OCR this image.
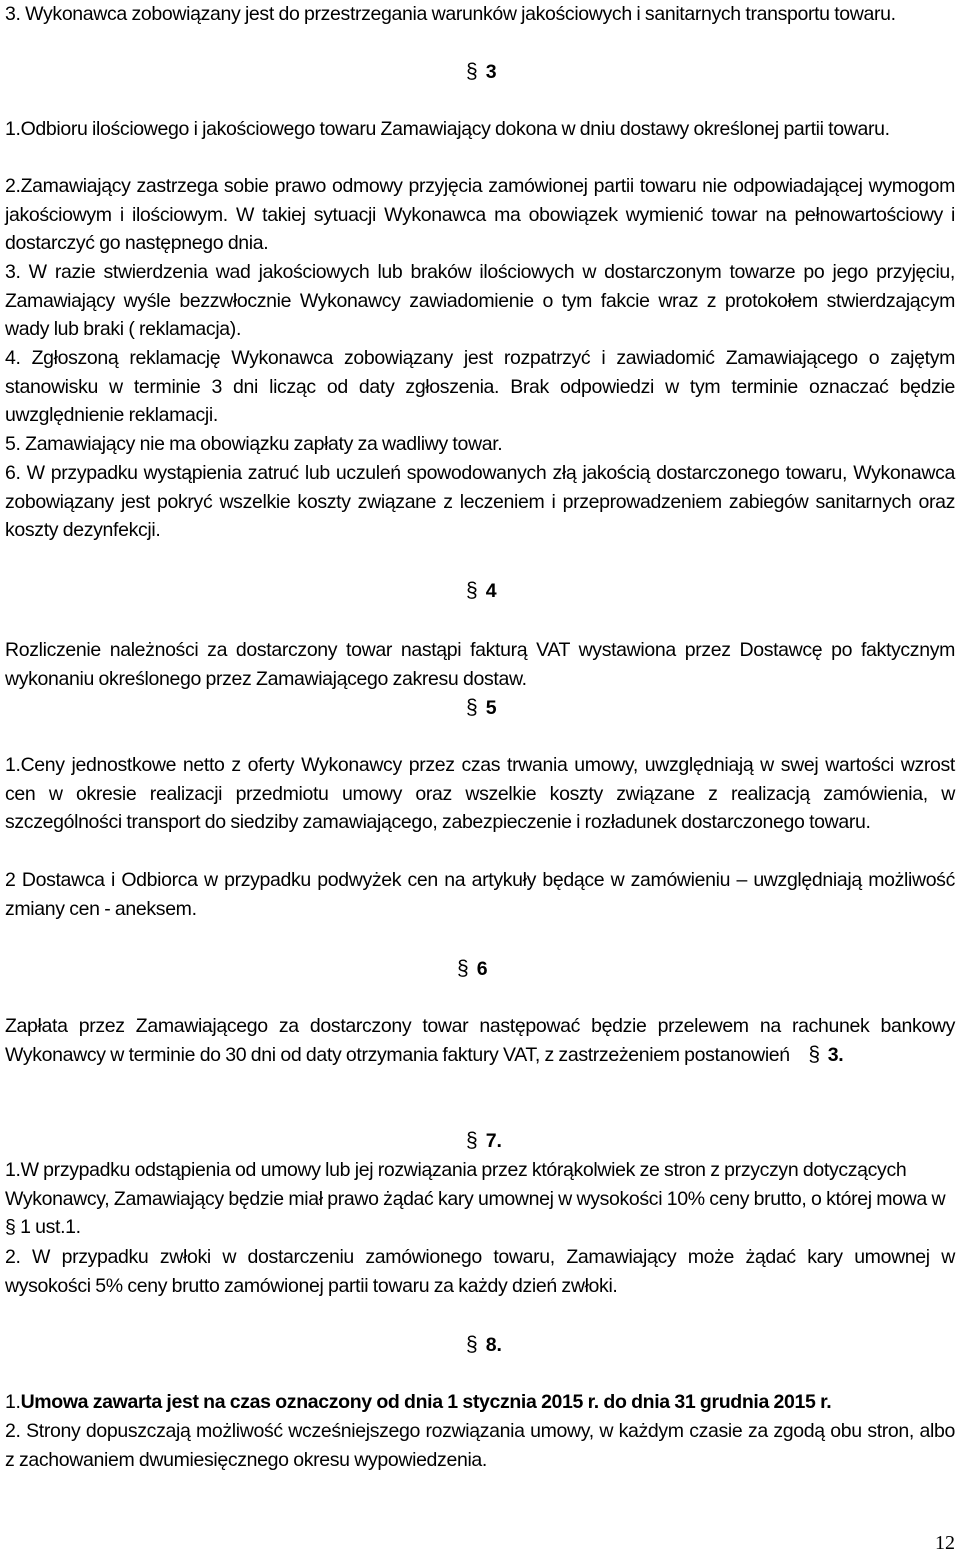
3. Wykonawca zobowiązany jest do przestrzegania warunków jakościowych i sanitarnych transportu towaru.

§ 3

1.Odbioru ilościowego i jakościowego towaru Zamawiający dokona w dniu dostawy określonej partii towaru.

2.Zamawiający zastrzega sobie prawo odmowy przyjęcia zamówionej partii towaru nie odpowiadającej wymogom jakościowym i ilościowym. W takiej sytuacji Wykonawca ma obowiązek wymienić towar na pełnowartościowy i dostarczyć go następnego dnia.

3. W razie stwierdzenia wad jakościowych lub braków ilościowych w dostarczonym towarze po jego przyjęciu, Zamawiający wyśle bezzwłocznie Wykonawcy zawiadomienie o tym fakcie wraz z protokołem stwierdzającym wady lub braki ( reklamacja).

4. Zgłoszoną reklamację Wykonawca zobowiązany jest rozpatrzyć i zawiadomić Zamawiającego o zajętym stanowisku w terminie 3 dni licząc od daty zgłoszenia. Brak odpowiedzi w tym terminie oznaczać będzie uwzględnienie reklamacji.

5. Zamawiający nie ma obowiązku zapłaty za wadliwy towar.

6. W przypadku wystąpienia zatruć lub uczuleń spowodowanych złą jakością dostarczonego towaru, Wykonawca zobowiązany jest pokryć wszelkie koszty związane z leczeniem i przeprowadzeniem zabiegów sanitarnych oraz koszty dezynfekcji.

§ 4

Rozliczenie należności za dostarczony towar nastąpi fakturą VAT wystawiona przez Dostawcę po faktycznym wykonaniu określonego przez Zamawiającego zakresu dostaw.

§ 5

1.Ceny jednostkowe netto z oferty Wykonawcy przez czas trwania umowy, uwzględniają w swej wartości wzrost cen w okresie realizacji przedmiotu umowy oraz wszelkie koszty związane z realizacją zamówienia, w szczególności transport do siedziby zamawiającego, zabezpieczenie i rozładunek dostarczonego towaru.

2 Dostawca i Odbiorca w przypadku podwyżek cen na artykuły będące w zamówieniu – uwzględniają możliwość zmiany cen - aneksem.

§ 6

Zapłata przez Zamawiającego za dostarczony towar następować będzie przelewem na rachunek bankowy Wykonawcy w terminie do 30 dni od daty otrzymania faktury VAT, z zastrzeżeniem postanowień § 3.

§ 7.

1.W przypadku odstąpienia od umowy lub jej rozwiązania przez którąkolwiek ze stron z przyczyn dotyczących Wykonawcy, Zamawiający będzie miał prawo żądać kary umownej w wysokości 10% ceny brutto, o której mowa w § 1 ust.1.

2. W przypadku zwłoki w dostarczeniu zamówionego towaru, Zamawiający może żądać kary umownej w wysokości 5% ceny brutto zamówionej partii towaru za każdy dzień zwłoki.

§ 8.

1.Umowa zawarta jest na czas oznaczony od dnia 1 stycznia 2015 r. do dnia 31 grudnia 2015 r.

2. Strony dopuszczają możliwość wcześniejszego rozwiązania umowy, w każdym czasie za zgodą obu stron, albo z zachowaniem dwumiesięcznego okresu wypowiedzenia.

12
